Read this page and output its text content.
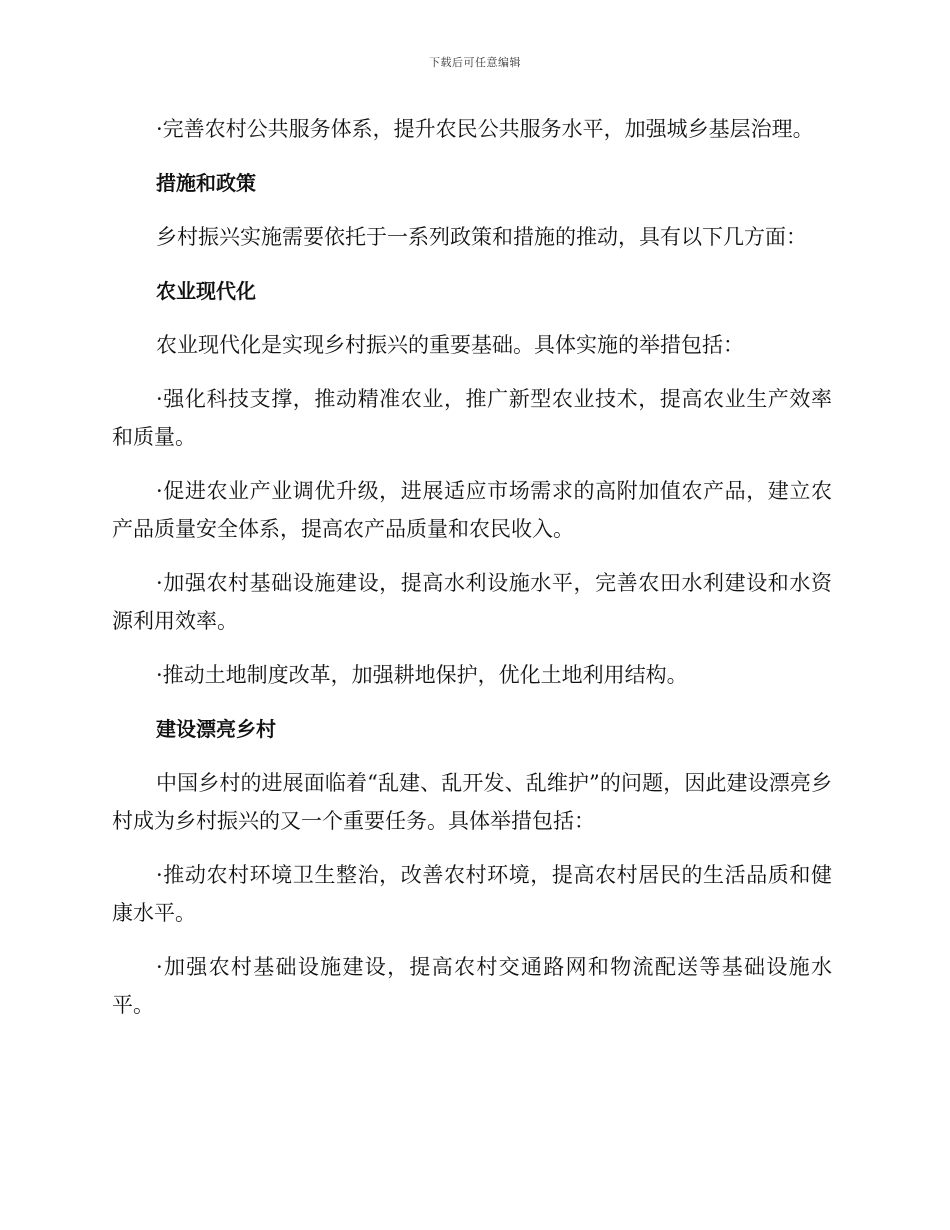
下载后可任意编辑

·完善农村公共服务体系，提升农民公共服务水平，加强城乡基层治理。

措施和政策

乡村振兴实施需要依托于一系列政策和措施的推动，具有以下几方面：

农业现代化

农业现代化是实现乡村振兴的重要基础。具体实施的举措包括：

·强化科技支撑，推动精准农业，推广新型农业技术，提高农业生产效率和质量。

·促进农业产业调优升级，进展适应市场需求的高附加值农产品，建立农产品质量安全体系，提高农产品质量和农民收入。

·加强农村基础设施建设，提高水利设施水平，完善农田水利建设和水资源利用效率。

·推动土地制度改革，加强耕地保护，优化土地利用结构。

建设漂亮乡村

中国乡村的进展面临着“乱建、乱开发、乱维护”的问题，因此建设漂亮乡村成为乡村振兴的又一个重要任务。具体举措包括：

·推动农村环境卫生整治，改善农村环境，提高农村居民的生活品质和健康水平。

·加强农村基础设施建设，提高农村交通路网和物流配送等基础设施水平。
